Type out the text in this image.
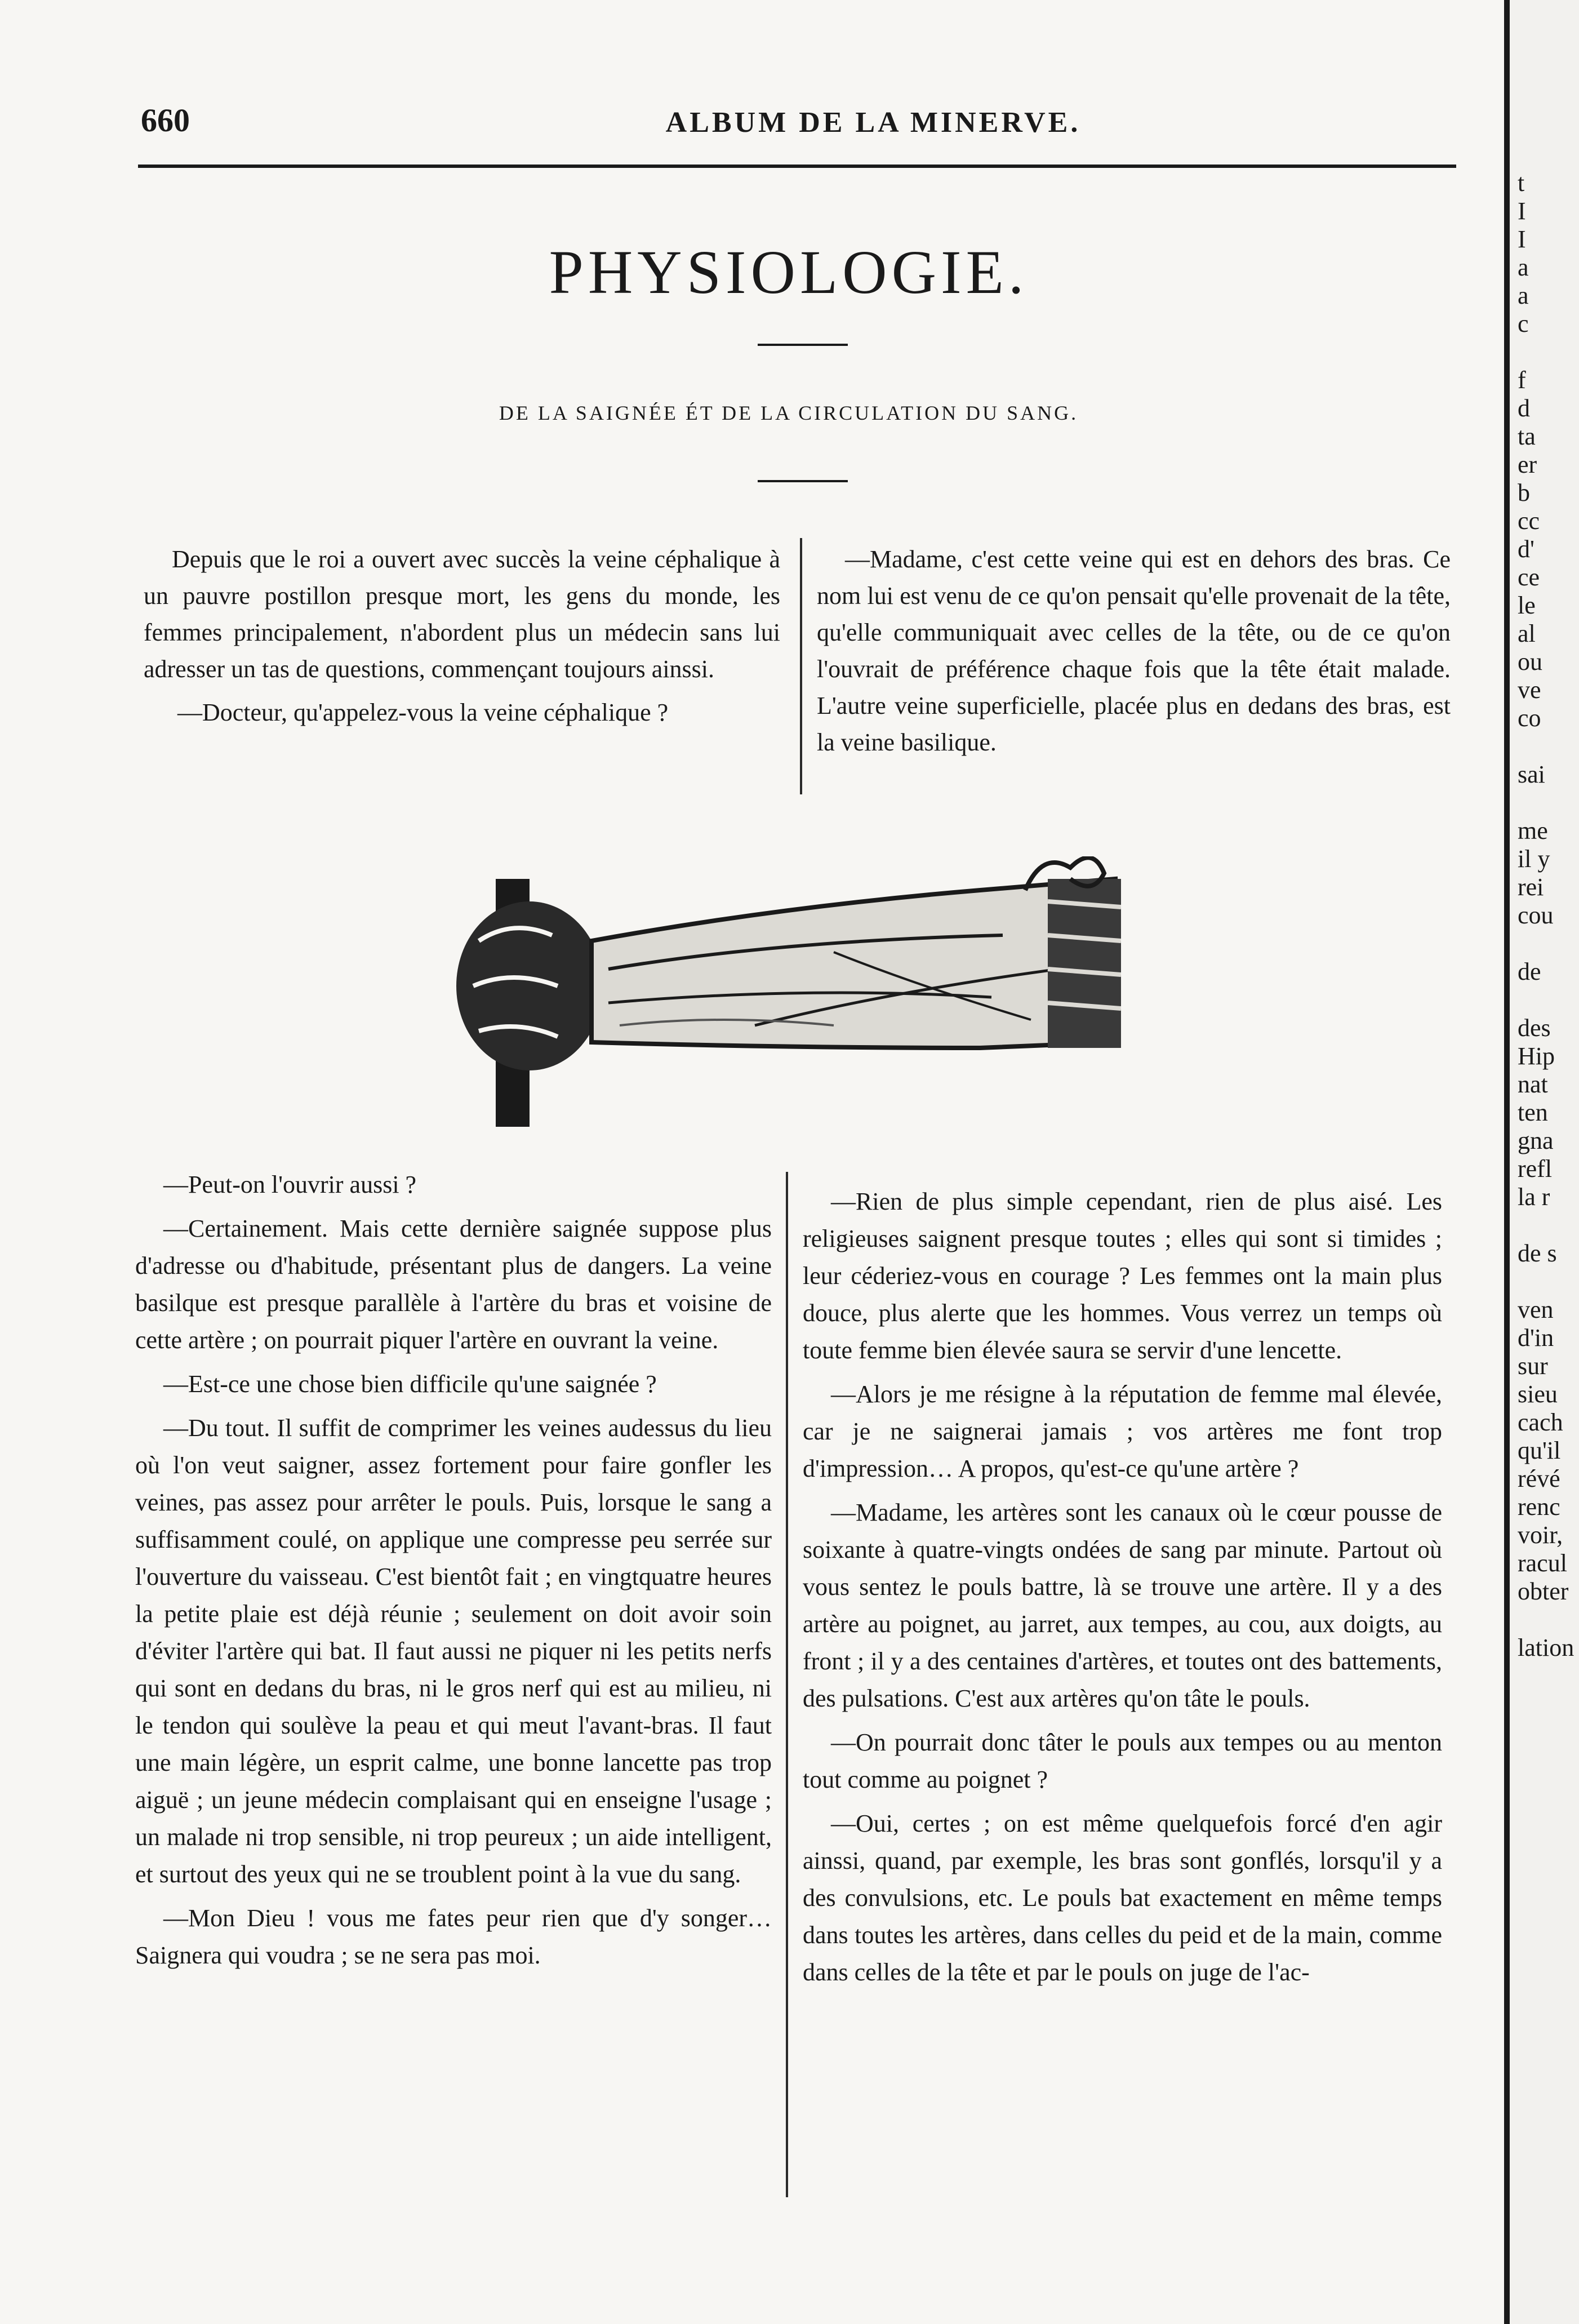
660	ALBUM DE LA MINERVE.
PHYSIOLOGIE.
DE LA SAIGNÉE ÉT DE LA CIRCULATION DU SANG.

Depuis que le roi a ouvert avec succès la veine céphalique à un pauvre postillon presque mort, les gens du monde, les femmes principalement, n'abordent plus un médecin sans lui adresser un tas de questions, commençant toujours ainssi.

—Docteur, qu'appelez-vous la veine céphalique ?

—Madame, c'est cette veine qui est en dehors des bras. Ce nom lui est venu de ce qu'on pensait qu'elle provenait de la tête, qu'elle communiquait avec celles de la tête, ou de ce qu'on l'ouvrait de préférence chaque fois que la tête était malade. L'autre veine superficielle, placée plus en dedans des bras, est la veine basilique.

—Peut-on l'ouvrir aussi ?

—Certainement. Mais cette dernière saignée suppose plus d'adresse ou d'habitude, présentant plus de dangers. La veine basilque est presque parallèle à l'artère du bras et voisine de cette artère ; on pourrait piquer l'artère en ouvrant la veine.

—Est-ce une chose bien difficile qu'une saignée ?

—Du tout. Il suffit de comprimer les veines audessus du lieu où l'on veut saigner, assez fortement pour faire gonfler les veines, pas assez pour arrêter le pouls. Puis, lorsque le sang a suffisamment coulé, on applique une compresse peu serrée sur l'ouverture du vaisseau. C'est bientôt fait ; en vingtquatre heures la petite plaie est déjà réunie ; seulement on doit avoir soin d'éviter l'artère qui bat. Il faut aussi ne piquer ni les petits nerfs qui sont en dedans du bras, ni le gros nerf qui est au milieu, ni le tendon qui soulève la peau et qui meut l'avant-bras. Il faut une main légère, un esprit calme, une bonne lancette pas trop aiguë ; un jeune médecin complaisant qui en enseigne l'usage ; un malade ni trop sensible, ni trop peureux ; un aide intelligent, et surtout des yeux qui ne se troublent point à la vue du sang.

—Mon Dieu ! vous me fates peur rien que d'y songer… Saignera qui voudra ; se ne sera pas moi.

—Rien de plus simple cependant, rien de plus aisé. Les religieuses saignent presque toutes ; elles qui sont si timides ; leur céderiez-vous en courage ? Les femmes ont la main plus douce, plus alerte que les hommes. Vous verrez un temps où toute femme bien élevée saura se servir d'une lencette.

—Alors je me résigne à la réputation de femme mal élevée, car je ne saignerai jamais ; vos artères me font trop d'impression… A propos, qu'est-ce qu'une artère ?

—Madame, les artères sont les canaux où le cœur pousse de soixante à quatre-vingts ondées de sang par minute. Partout où vous sentez le pouls battre, là se trouve une artère. Il y a des artère au poignet, au jarret, aux tempes, au cou, aux doigts, au front ; il y a des centaines d'artères, et toutes ont des battements, des pulsations. C'est aux artères qu'on tâte le pouls.

—On pourrait donc tâter le pouls aux tempes ou au menton tout comme au poignet ?

—Oui, certes ; on est même quelquefois forcé d'en agir ainssi, quand, par exemple, les bras sont gonflés, lorsqu'il y a des convulsions, etc. Le pouls bat exactement en même temps dans toutes les artères, dans celles du peid et de la main, comme dans celles de la tête et par le pouls on juge de l'ac-

t
I
I
a
a
c

f
d
ta
er
b
cc
d'
ce
le
al
ou
ve
co

sai

me
il y
rei
cou

de

des
Hip
nat
ten
gna
refl
la r

de s

ven
d'in
sur
sieu
cach
qu'il
révé
renc
voir,
racul
obter

lation
